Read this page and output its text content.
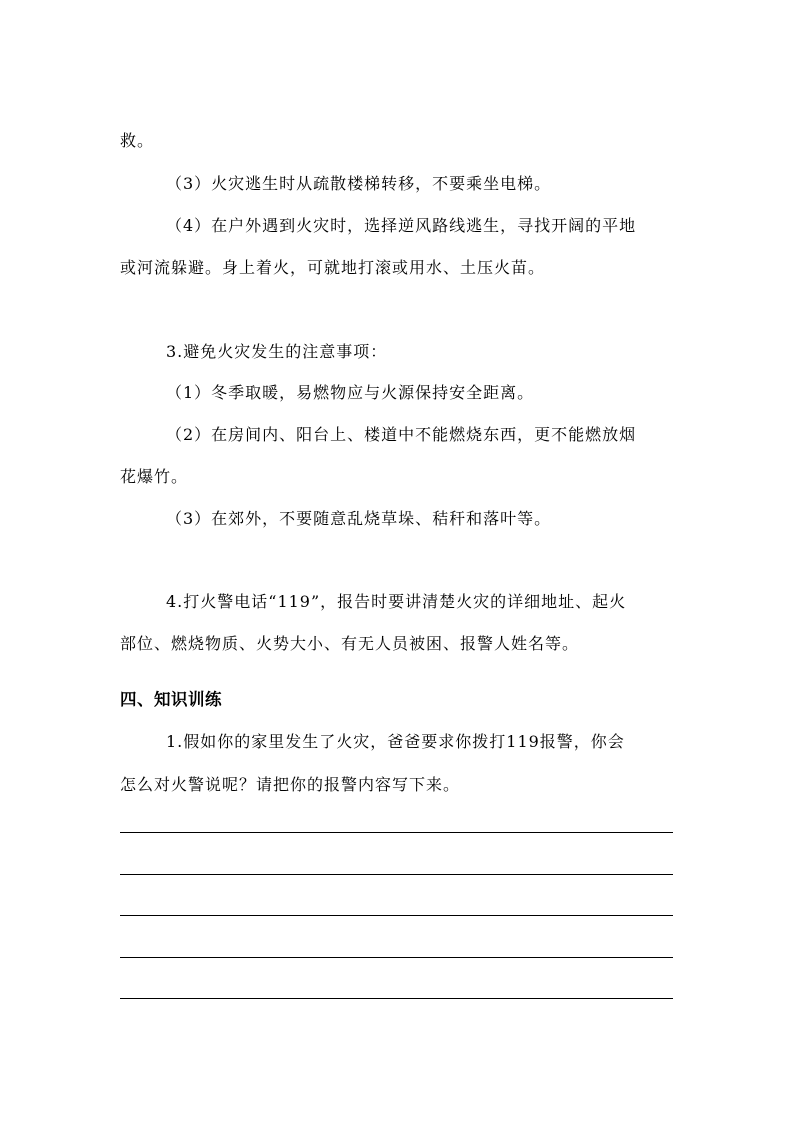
救。
（3）火灾逃生时从疏散楼梯转移，不要乘坐电梯。
（4）在户外遇到火灾时，选择逆风路线逃生，寻找开阔的平地
或河流躲避。身上着火，可就地打滚或用水、土压火苗。
3.避免火灾发生的注意事项：
（1）冬季取暖，易燃物应与火源保持安全距离。
（2）在房间内、阳台上、楼道中不能燃烧东西，更不能燃放烟
花爆竹。
（3）在郊外，不要随意乱烧草垛、秸秆和落叶等。
4.打火警电话“119”，报告时要讲清楚火灾的详细地址、起火
部位、燃烧物质、火势大小、有无人员被困、报警人姓名等。
四、知识训练
1.假如你的家里发生了火灾，爸爸要求你拨打119报警，你会
怎么对火警说呢？请把你的报警内容写下来。
